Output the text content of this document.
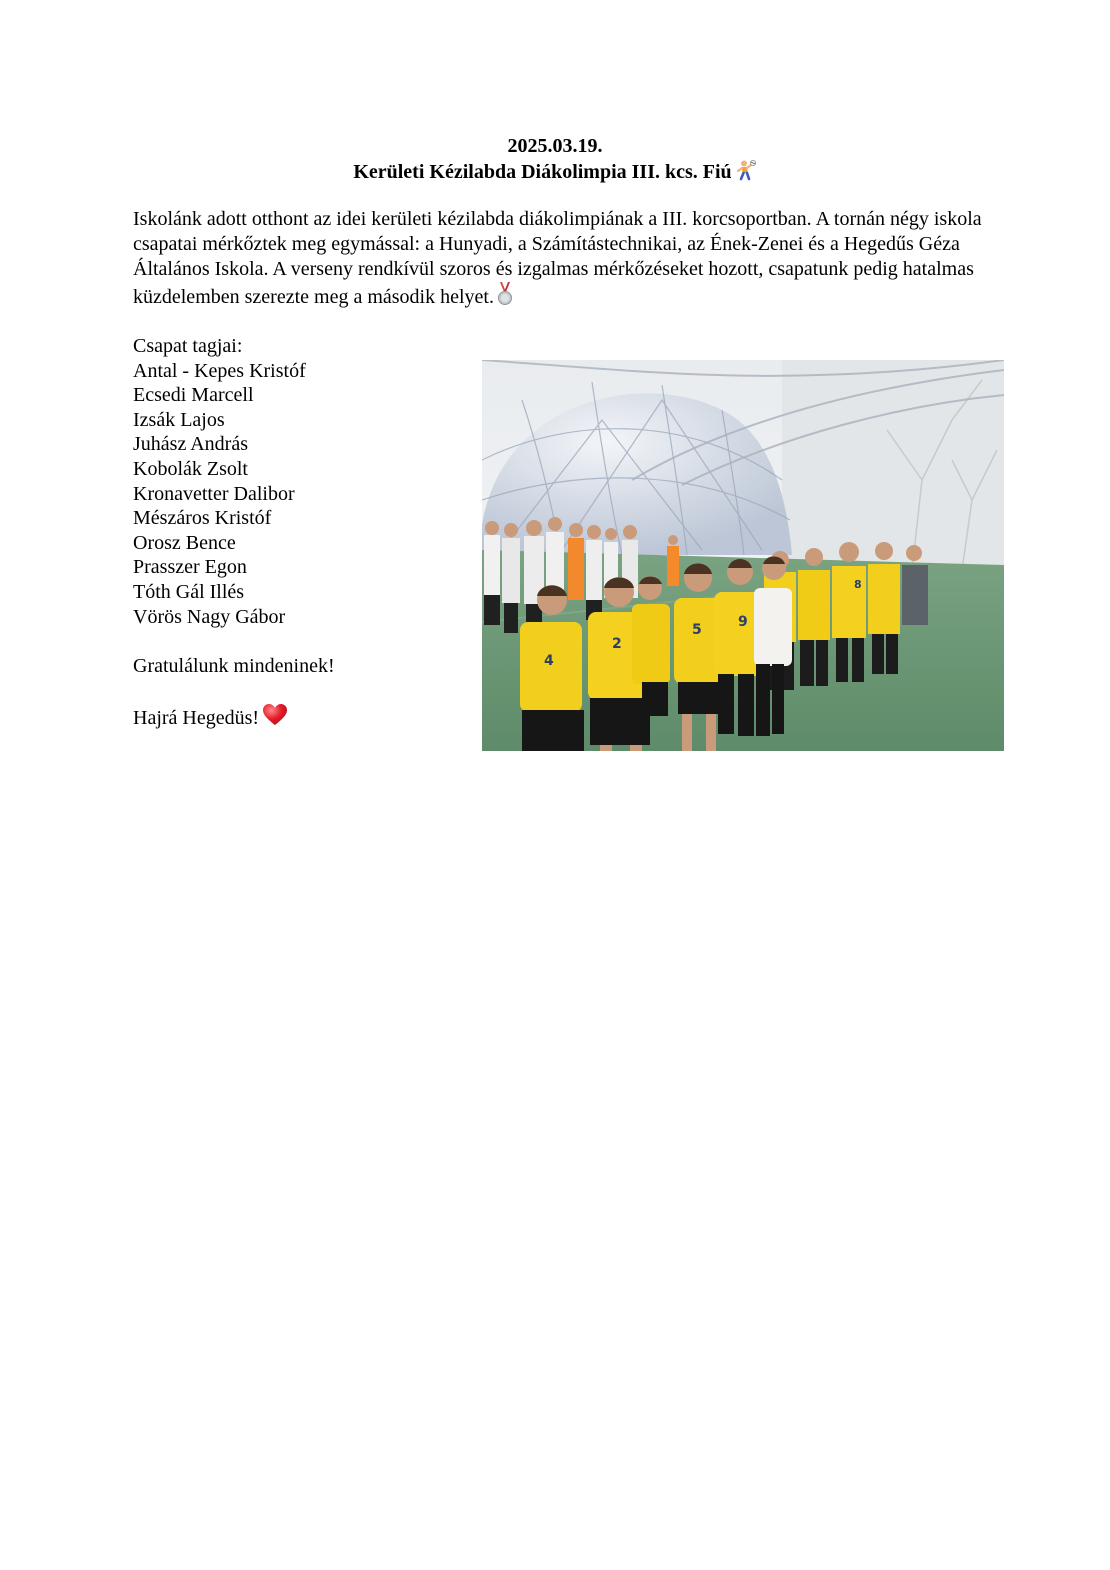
2025.03.19.
Kerületi Kézilabda Diákolimpia III. kcs. Fiú

Iskolánk adott otthont az idei kerületi kézilabda diákolimpiának a III. korcsoportban. A tornán négy iskola csapatai mérkőztek meg egymással: a Hunyadi, a Számítástechnikai, az Ének-Zenei és a Hegedűs Géza Általános Iskola. A verseny rendkívül szoros és izgalmas mérkőzéseket hozott, csapatunk pedig hatalmas küzdelemben szerezte meg a második helyet.

Csapat tagjai:
Antal - Kepes Kristóf
Ecsedi Marcell
Izsák Lajos
Juhász András
Kobolák Zsolt
Kronavetter Dalibor
Mészáros Kristóf
Orosz Bence
Prasszer Egon
Tóth Gál Illés
Vörös Nagy Gábor
Gratulálunk mindeninek!
Hajrá Hegedüs!
4
2
5	9
8
